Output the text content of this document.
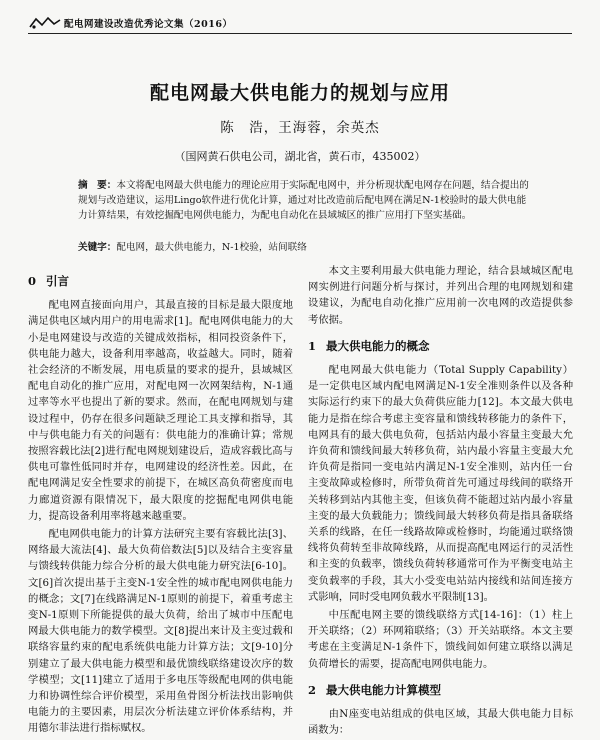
配电网建设改造优秀论文集（2016）
配电网最大供电能力的规划与应用
陈　浩，王海蓉，余英杰
（国网黄石供电公司，湖北省，黄石市，435002）
摘　要：本文将配电网最大供电能力的理论应用于实际配电网中，并分析现状配电网存在问题，结合提出的规划与改造建议，运用Lingo软件进行优化计算，通过对比改造前后配电网在满足N-1校验时的最大供电能力计算结果，有效挖掘配电网供电能力，为配电自动化在县域城区的推广应用打下坚实基础。
关键字：配电网，最大供电能力，N-1校验，站间联络
0 引言

配电网直接面向用户，其最直接的目标是最大限度地满足供电区域内用户的用电需求[1]。配电网供电能力的大小是电网建设与改造的关键成效指标，相同投资条件下，供电能力越大，设备利用率越高，收益越大。同时，随着社会经济的不断发展，用电质量的要求的提升，县域城区配电自动化的推广应用，对配电网一次网架结构，N-1通过率等水平也提出了新的要求。然而，在配电网规划与建设过程中，仍存在很多问题缺乏理论工具支撑和指导，其中与供电能力有关的问题有：供电能力的准确计算；常规按照容载比法[2]进行配电网规划建设后，造成容载比高与供电可靠性低同时并存，电网建设的经济性差。因此，在配电网满足安全性要求的前提下，在城区高负荷密度而电力廊道资源有限情况下，最大限度的挖掘配电网供电能力，提高设备利用率将越来越重要。

配电网供电能力的计算方法研究主要有容载比法[3]、网络最大流法[4]、最大负荷倍数法[5]以及结合主变容量与馈线转供能力综合分析的最大供电能力研究法[6-10]。文[6]首次提出基于主变N-1安全性的城市配电网供电能力的概念；文[7]在线路满足N-1原则的前提下，着重考虑主变N-1原则下所能提供的最大负荷，给出了城市中压配电网最大供电能力的数学模型。文[8]提出来计及主变过载和联络容量约束的配电系统供电能力计算方法；文[9-10]分别建立了最大供电能力模型和最优馈线联络建设次序的数学模型；文[11]建立了适用于多电压等级配电网的供电能力和协调性综合评价模型，采用鱼骨图分析法找出影响供电能力的主要因素，用层次分析法建立评价体系结构，并用德尔菲法进行指标赋权。

本文主要利用最大供电能力理论，结合县域城区配电网实例进行问题分析与探讨，并列出合理的电网规划和建设建议，为配电自动化推广应用前一次电网的改造提供参考依据。

1 最大供电能力的概念

配电网最大供电能力（Total Supply Capability）是一定供电区域内配电网满足N-1安全准则条件以及各种实际运行约束下的最大负荷供应能力[12]。本文最大供电能力是指在综合考虑主变容量和馈线转移能力的条件下，电网具有的最大供电负荷，包括站内最小容量主变最大允许负荷和馈线间最大转移负荷，站内最小容量主变最大允许负荷是指同一变电站内满足N-1安全准则，站内任一台主变故障或检修时，所带负荷首先可通过母线间的联络开关转移到站内其他主变，但该负荷不能超过站内最小容量主变的最大负载能力；馈线间最大转移负荷是指具备联络关系的线路，在任一线路故障或检修时，均能通过联络馈线将负荷转至非故障线路，从而提高配电网运行的灵活性和主变的负载率，馈线负荷转移通常可作为平衡变电站主变负载率的手段，其大小受变电站站内接线和站间连接方式影响，同时受电网负载水平限制[13]。

中压配电网主要的馈线联络方式[14-16]：（1）柱上开关联络；（2）环网箱联络；（3）开关站联络。本文主要考虑在主变满足N-1条件下，馈线间如何建立联络以满足负荷增长的需要，提高配电网供电能力。

2 最大供电能力计算模型

由N座变电站组成的供电区域，其最大供电能力目标函数为：
